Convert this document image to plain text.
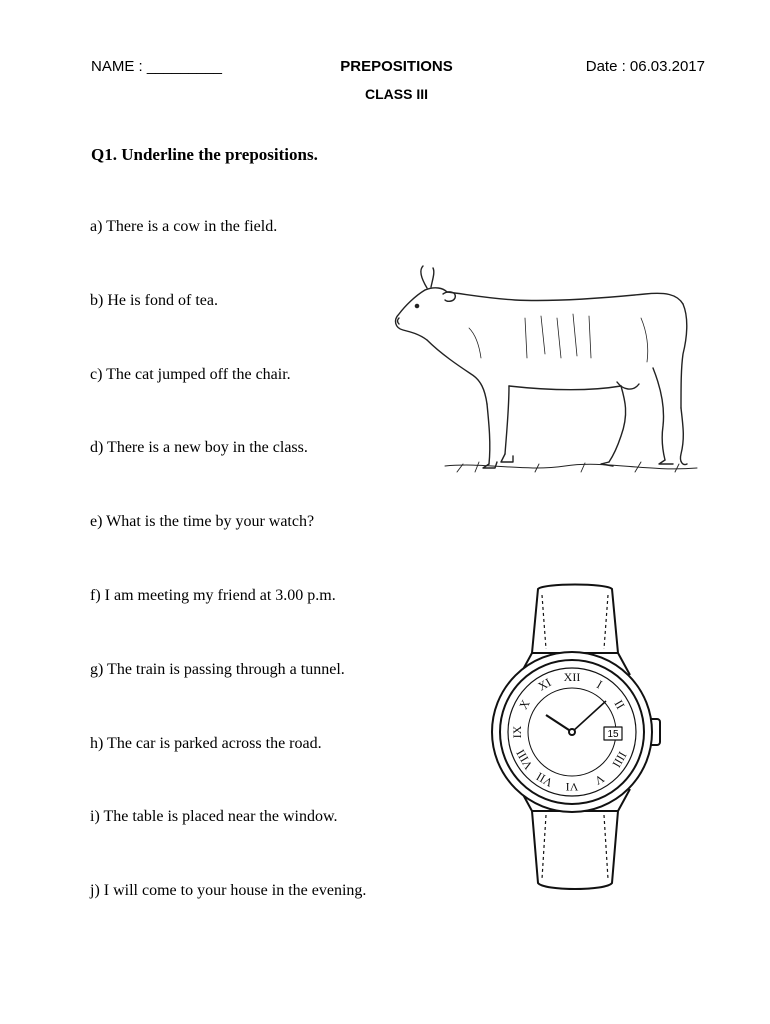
NAME : _________	PREPOSITIONS	Date : 06.03.2017
CLASS III
Q1. Underline the prepositions.
a) There is a cow in the field.
b) He is fond of tea.
c) The cat jumped off the chair.
d) There is a new boy in the class.
e) What is the time by your watch?
f) I am meeting my friend at 3.00 p.m.
g) The train is passing through a tunnel.
h) The car is parked across the road.
i) The table is placed near the window.
j) I will come to your house in the evening.
15
XII
I
II
IIII
V
VI
VII
VIII
IX
X
XI
